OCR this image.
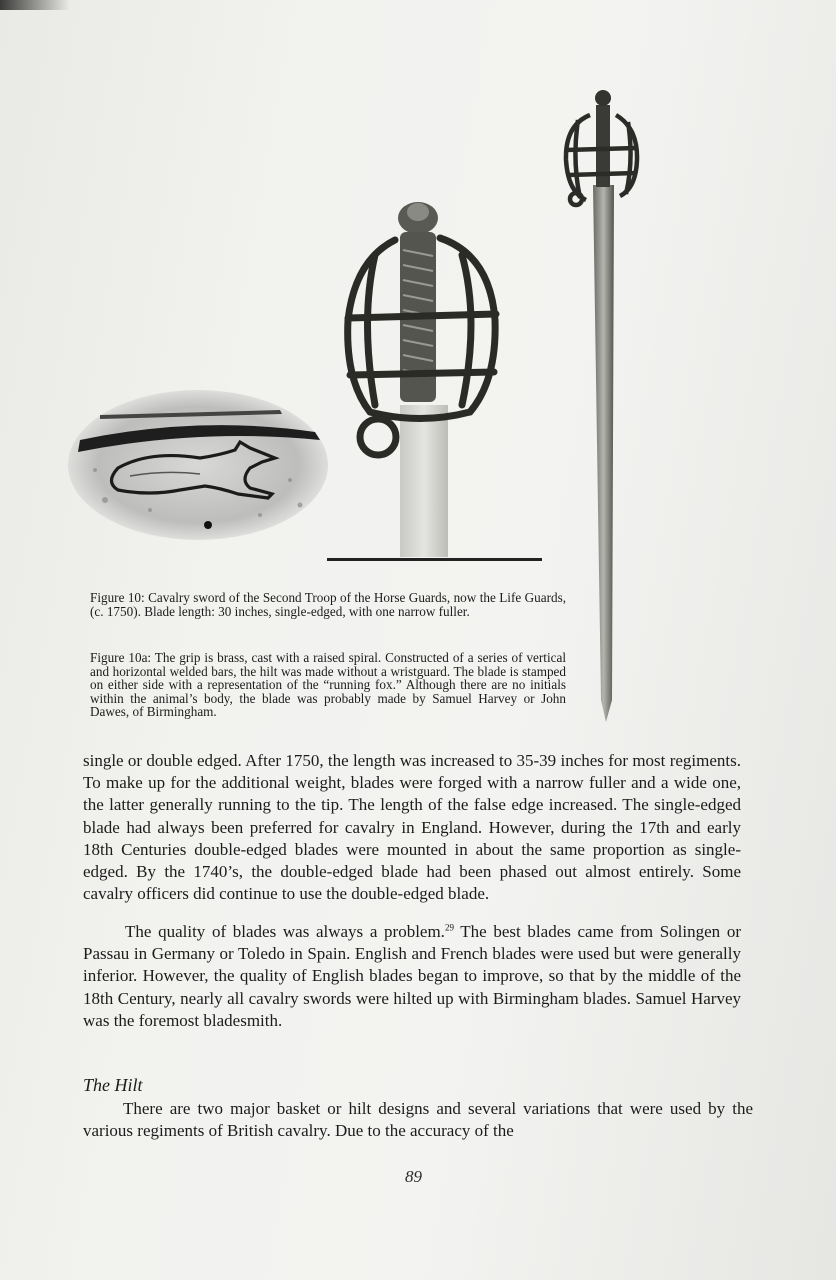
Figure 10: Cavalry sword of the Second Troop of the Horse Guards, now the Life Guards, (c. 1750). Blade length: 30 inches, single-edged, with one narrow fuller.

Figure 10a: The grip is brass, cast with a raised spiral. Constructed of a series of vertical and horizontal welded bars, the hilt was made without a wristguard. The blade is stamped on either side with a representation of the “running fox.” Although there are no initials within the animal’s body, the blade was probably made by Samuel Harvey or John Dawes, of Birmingham.

single or double edged. After 1750, the length was increased to 35-39 inches for most regiments. To make up for the additional weight, blades were forged with a narrow fuller and a wide one, the latter generally running to the tip. The length of the false edge increased. The single-edged blade had always been preferred for cavalry in England. However, during the 17th and early 18th Centuries double-edged blades were mounted in about the same proportion as single-edged. By the 1740’s, the double-edged blade had been phased out almost entirely. Some cavalry officers did continue to use the double-edged blade.

The quality of blades was always a problem.$^{29}$ The best blades came from Solingen or Passau in Germany or Toledo in Spain. English and French blades were used but were generally inferior. However, the quality of English blades began to improve, so that by the middle of the 18th Century, nearly all cavalry swords were hilted up with Birmingham blades. Samuel Harvey was the foremost bladesmith.

The Hilt

There are two major basket or hilt designs and several variations that were used by the various regiments of British cavalry. Due to the accuracy of the

89
